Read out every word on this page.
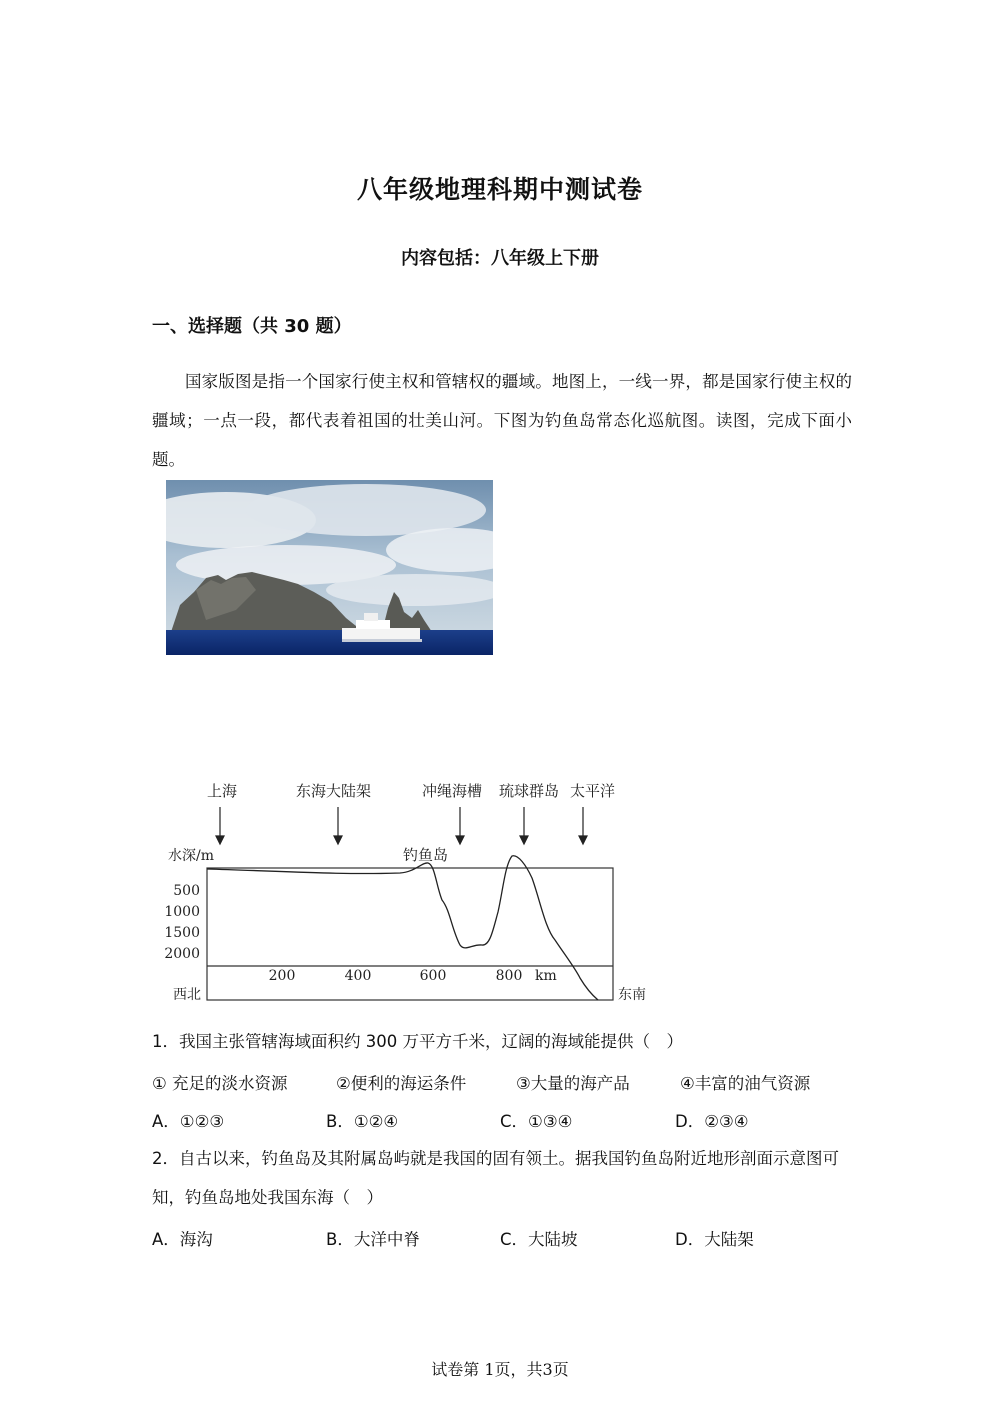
八年级地理科期中测试卷
内容包括：八年级上下册
一、选择题（共 30 题）
国家版图是指一个国家行使主权和管辖权的疆域。地图上，一线一界，都是国家行使主权的疆域；一点一段，都代表着祖国的壮美山河。下图为钓鱼岛常态化巡航图。读图，完成下面小题。
上海	东海大陆架	冲绳海槽 琉球群岛 太平洋
钓鱼岛
水深/m
500
1000
1500
2000
200	400	600	800 km
西北	东南
1．我国主张管辖海域面积约 300 万平方千米，辽阔的海域能提供（　）
① 充足的淡水资源	②便利的海运条件	③大量的海产品	④丰富的油气资源
A．①②③	B．①②④	C．①③④	D．②③④
2．自古以来，钓鱼岛及其附属岛屿就是我国的固有领土。据我国钓鱼岛附近地形剖面示意图可知，钓鱼岛地处我国东海（　）
A．海沟	B．大洋中脊	C．大陆坡	D．大陆架
试卷第 1页，共3页
